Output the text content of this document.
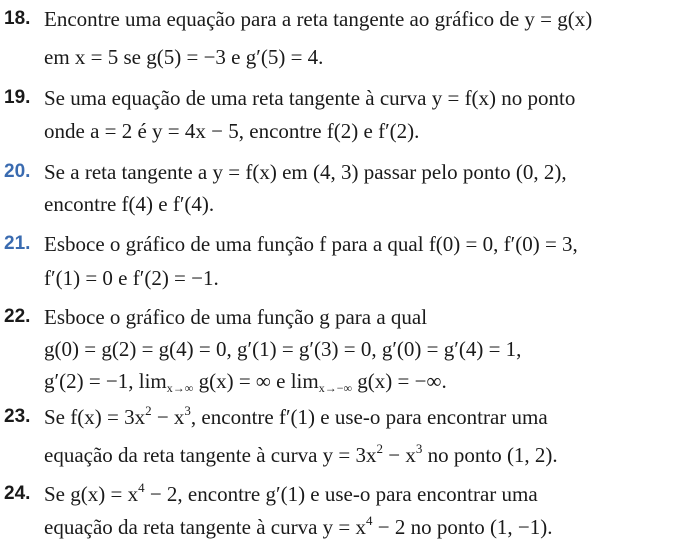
18. Encontre uma equação para a reta tangente ao gráfico de y = g(x)
em x = 5 se g(5) = −3 e g′(5) = 4.
19. Se uma equação de uma reta tangente à curva y = f(x) no ponto
onde a = 2 é y = 4x − 5, encontre f(2) e f′(2).
20. Se a reta tangente a y = f(x) em (4, 3) passar pelo ponto (0, 2),
encontre f(4) e f′(4).
21. Esboce o gráfico de uma função f para a qual f(0) = 0, f′(0) = 3,
f′(1) = 0 e f′(2) = −1.
22. Esboce o gráfico de uma função g para a qual
g(0) = g(2) = g(4) = 0, g′(1) = g′(3) = 0, g′(0) = g′(4) = 1,
g′(2) = −1, $\lim_{x\to\infty} g(x)$ = ∞ e $\lim_{x\to-\infty} g(x)$ = −∞.
23. Se $f(x) = 3x^2 - x^3$, encontre f′(1) e use-o para encontrar uma
equação da reta tangente à curva $y = 3x^2 - x^3$ no ponto (1, 2).
24. Se $g(x) = x^4 - 2$, encontre g′(1) e use-o para encontrar uma
equação da reta tangente à curva $y = x^4 - 2$ no ponto (1, −1).
